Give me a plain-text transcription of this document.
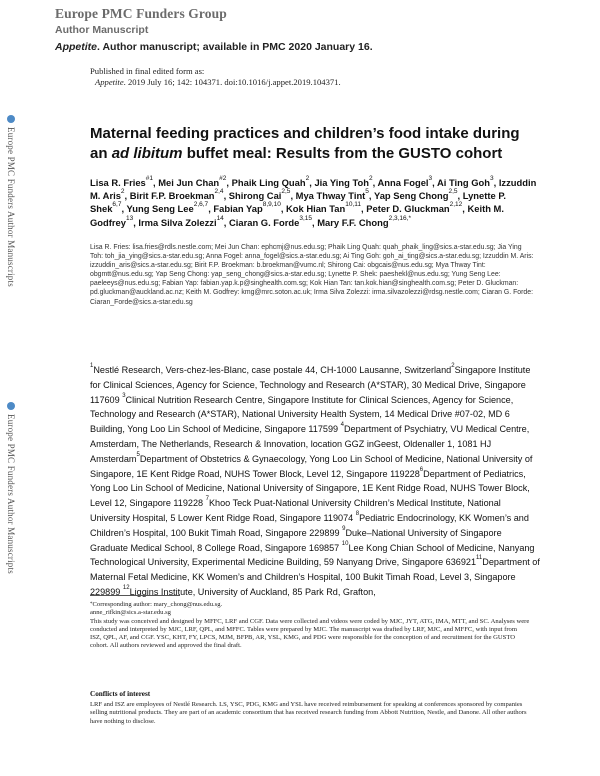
Europe PMC Funders Group
Author Manuscript
Appetite. Author manuscript; available in PMC 2020 January 16.
Published in final edited form as:
Appetite. 2019 July 16; 142: 104371. doi:10.1016/j.appet.2019.104371.
Europe PMC Funders Author Manuscripts
Europe PMC Funders Author Manuscripts
Maternal feeding practices and children’s food intake during an ad libitum buffet meal: Results from the GUSTO cohort
Lisa R. Fries$^{\#1}$, Mei Jun Chan$^{\#2}$, Phaik Ling Quah$^2$, Jia Ying Toh$^2$, Anna Fogel$^3$, Ai Ting Goh$^3$, Izzuddin M. Aris$^2$, Birit F.P. Broekman$^{2,4}$, Shirong Cai$^{2,5}$, Mya Thway Tint$^5$, Yap Seng Chong$^{2,5}$, Lynette P. Shek$^{6,7}$, Yung Seng Lee$^{2,6,7}$, Fabian Yap$^{8,9,10}$, Kok Hian Tan$^{10,11}$, Peter D. Gluckman$^{2,12}$, Keith M. Godfrey$^{13}$, Irma Silva Zolezzi$^{14}$, Ciaran G. Forde$^{3,15}$, Mary F.F. Chong$^{2,3,16,*}$
Lisa R. Fries: lisa.fries@rdls.nestle.com; Mei Jun Chan: ephcmj@nus.edu.sg; Phaik Ling Quah: quah_phaik_ling@sics.a-star.edu.sg; Jia Ying Toh: toh_jia_ying@sics.a-star.edu.sg; Anna Fogel: anna_fogel@sics.a-star.edu.sg; Ai Ting Goh: goh_ai_ting@sics.a-star.edu.sg; Izzuddin M. Aris: izzuddin_aris@sics.a-star.edu.sg; Birit F.P. Broekman: b.broekman@vumc.nl; Shirong Cai: obgcais@nus.edu.sg; Mya Thway Tint: obgmtt@nus.edu.sg; Yap Seng Chong: yap_seng_chong@sics.a-star.edu.sg; Lynette P. Shek: paeshekl@nus.edu.sg; Yung Seng Lee: paeleeys@nus.edu.sg; Fabian Yap: fabian.yap.k.p@singhealth.com.sg; Kok Hian Tan: tan.kok.hian@singhealth.com.sg; Peter D. Gluckman: pd.gluckman@auckland.ac.nz; Keith M. Godfrey: kmg@mrc.soton.ac.uk; Irma Silva Zolezzi: irma.silvazolezzi@rdsg.nestle.com; Ciaran G. Forde: Ciaran_Forde@sics.a-star.edu.sg
$^1$Nestlé Research, Vers-chez-les-Blanc, case postale 44, CH-1000 Lausanne, Switzerland$^2$Singapore Institute for Clinical Sciences, Agency for Science, Technology and Research (A*STAR), 30 Medical Drive, Singapore 117609 $^3$Clinical Nutrition Research Centre, Singapore Institute for Clinical Sciences, Agency for Science, Technology and Research (A*STAR), National University Health System, 14 Medical Drive #07-02, MD 6 Building, Yong Loo Lin School of Medicine, Singapore 117599 $^4$Department of Psychiatry, VU Medical Centre, Amsterdam, The Netherlands, Research & Innovation, location GGZ inGeest, Oldenaller 1, 1081 HJ Amsterdam$^5$Department of Obstetrics & Gynaecology, Yong Loo Lin School of Medicine, National University of Singapore, 1E Kent Ridge Road, NUHS Tower Block, Level 12, Singapore 119228$^6$Department of Pediatrics, Yong Loo Lin School of Medicine, National University of Singapore, 1E Kent Ridge Road, NUHS Tower Block, Level 12, Singapore 119228 $^7$Khoo Teck Puat-National University Children’s Medical Institute, National University Hospital, 5 Lower Kent Ridge Road, Singapore 119074 $^8$Pediatric Endocrinology, KK Women’s and Children’s Hospital, 100 Bukit Timah Road, Singapore 229899 $^9$Duke–National University of Singapore Graduate Medical School, 8 College Road, Singapore 169857 $^{10}$Lee Kong Chian School of Medicine, Nanyang Technological University, Experimental Medicine Building, 59 Nanyang Drive, Singapore 636921$^{11}$Department of Maternal Fetal Medicine, KK Women’s and Children’s Hospital, 100 Bukit Timah Road, Level 3, Singapore 229899 $^{12}$Liggins Institute, University of Auckland, 85 Park Rd, Grafton,
*Corresponding author: mary_chong@nus.edu.sg.
anne_rifkin@sics.a-star.edu.sg
This study was conceived and designed by MFFC, LRF and CGF. Data were collected and videos were coded by MJC, JYT, ATG, IMA, MTT, and SC. Analyses were conducted and interpreted by MJC, LRF, QPL, and MFFC. Tables were prepared by MJC. The manuscript was drafted by LRF, MJC, and MFFC, with input from ISZ, QPL, AF, and CGF. YSC, KHT, FY, LPCS, MJM, BFPB, AR, YSL, KMG, and PDG were responsible for the conception of and recruitment for the GUSTO cohort. All authors reviewed and approved the final draft.
Conflicts of interest
LRF and ISZ are employees of Nestlé Research. LS, YSC, PDG, KMG and YSL have received reimbursement for speaking at conferences sponsored by companies selling nutritional products. They are part of an academic consortium that has received research funding from Abbott Nutrition, Nestle, and Danone. All other authors have nothing to disclose.
